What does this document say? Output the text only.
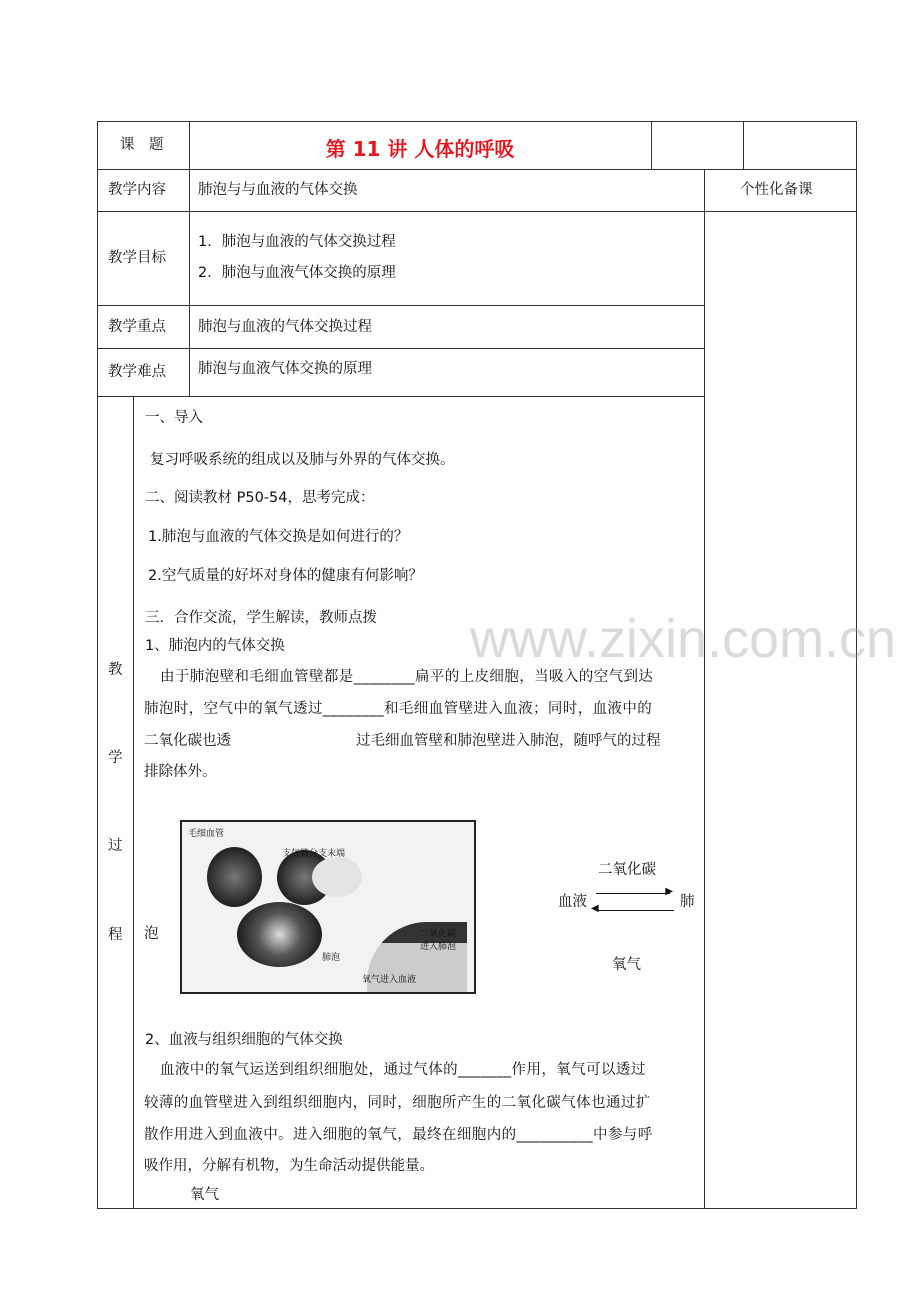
课　题	第 11 讲 人体的呼吸
教学内容 肺泡与与血液的气体交换	个性化备课
教学目标
1．肺泡与血液的气体交换过程
2．肺泡与血液气体交换的原理
教学重点 肺泡与血液的气体交换过程
教学难点 肺泡与血液气体交换的原理
教
学
过
程
www.zixin.com.cn
一、导入
复习呼吸系统的组成以及肺与外界的气体交换。
二、阅读教材 P50-54，思考完成：
1.肺泡与血液的气体交换是如何进行的？
2.空气质量的好坏对身体的健康有何影响？
三．合作交流，学生解读，教师点拨
1、肺泡内的气体交换
由于肺泡壁和毛细血管壁都是________扁平的上皮细胞，当吸入的空气到达
肺泡时，空气中的氧气透过________和毛细血管壁进入血液；同时，血液中的
二氧化碳也透	过毛细血管壁和肺泡壁进入肺泡，随呼气的过程
排除体外。
毛细血管
支气管分支末端
肺泡
二氧化碳 进入肺泡
氧气进入血液
泡
二氧化碳
血液	肺
氧气
▶
◀
2、血液与组织细胞的气体交换
血液中的氧气运送到组织细胞处，通过气体的_______作用，氧气可以透过
较薄的血管壁进入到组织细胞内，同时，细胞所产生的二氧化碳气体也通过扩
散作用进入到血液中。进入细胞的氧气，最终在细胞内的__________中参与呼
吸作用，分解有机物，为生命活动提供能量。
氧气
